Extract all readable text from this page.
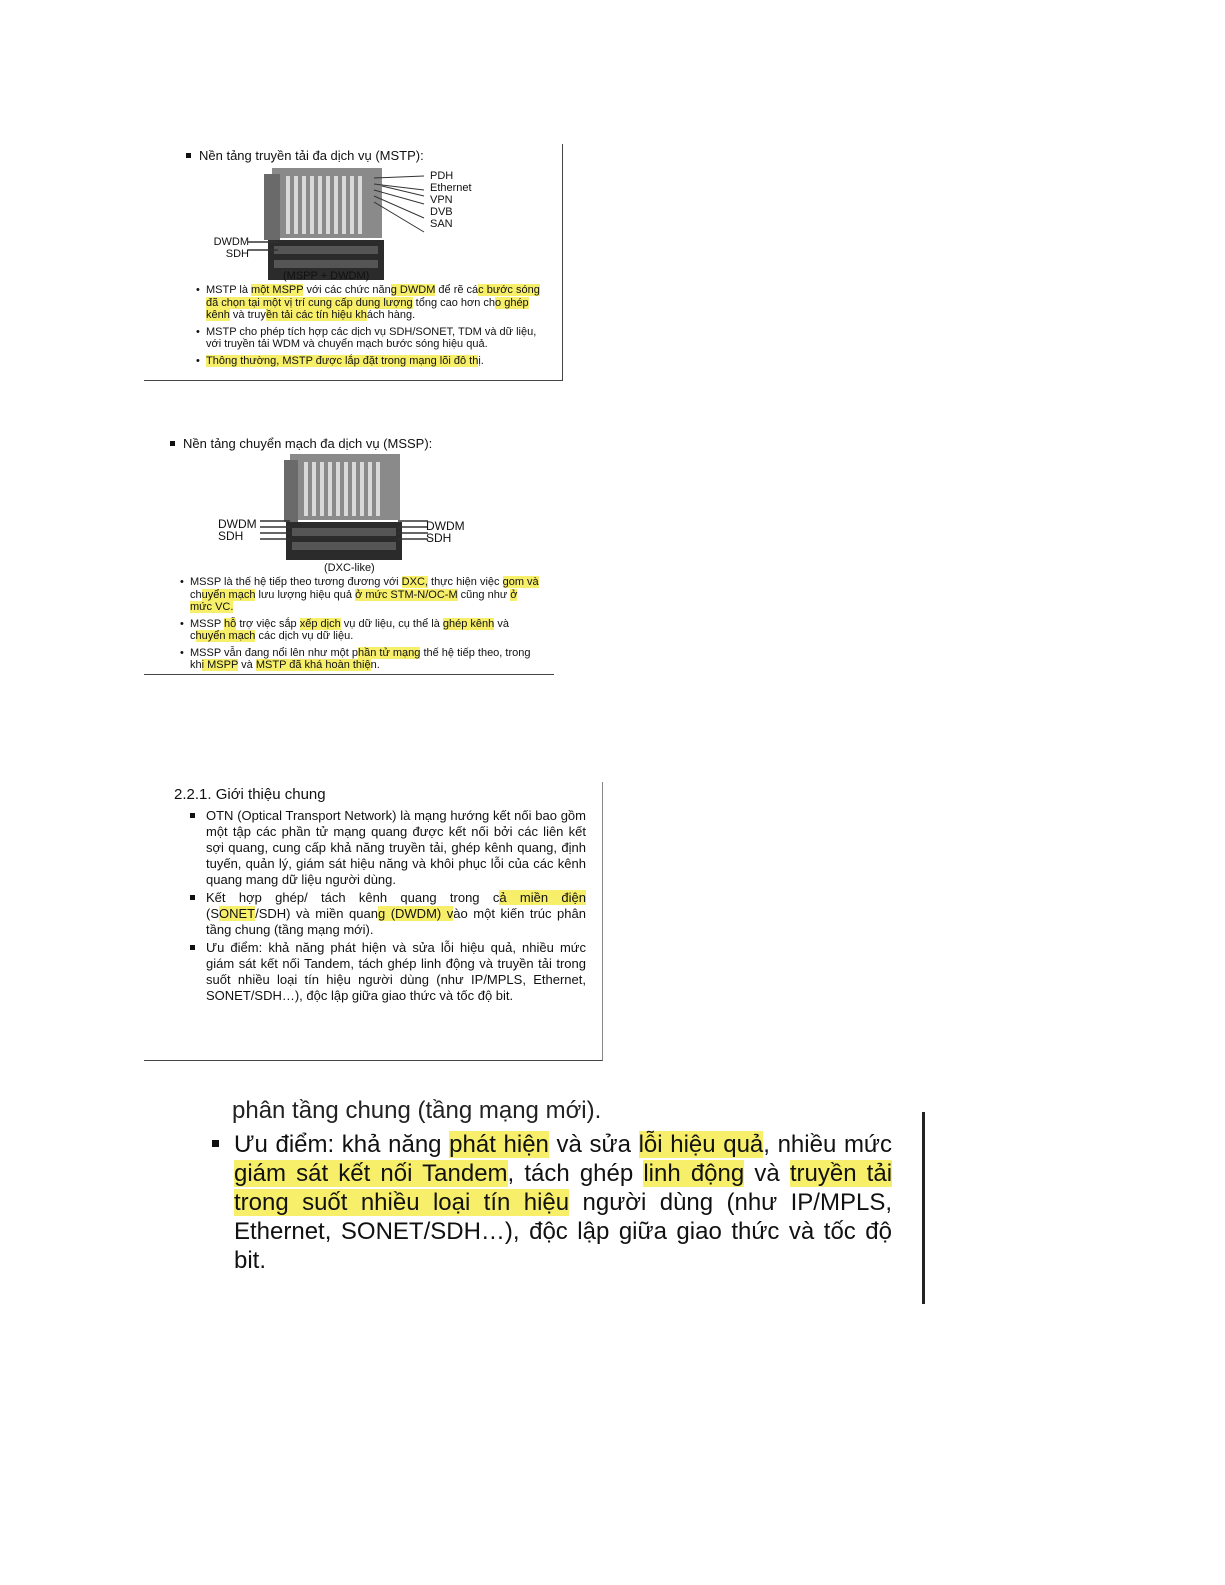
Nền tảng truyền tải đa dịch vụ (MSTP):
PDH
Ethernet
VPN
DVB
SAN
DWDM
SDH
(MSPP + DWDM)
• MSTP là một MSPP với các chức năng DWDM để rẽ các bước sóng đã chọn tại một vị trí cung cấp dung lượng tổng cao hơn cho ghép kênh và truyền tải các tín hiệu khách hàng.
• MSTP cho phép tích hợp các dịch vụ SDH/SONET, TDM và dữ liệu, với truyền tải WDM và chuyển mạch bước sóng hiệu quả.
• Thông thường, MSTP được lắp đặt trong mạng lõi đô thị.
Nền tảng chuyển mạch đa dịch vụ (MSSP):
DWDM
SDH
DWDM
SDH
(DXC-like)
• MSSP là thế hệ tiếp theo tương đương với DXC, thực hiện việc gom và chuyển mạch lưu lượng hiệu quả ở mức STM-N/OC-M cũng như ở mức VC.
• MSSP hỗ trợ việc sắp xếp dịch vụ dữ liệu, cụ thể là ghép kênh và chuyển mạch các dịch vụ dữ liệu.
• MSSP vẫn đang nổi lên như một phần tử mạng thế hệ tiếp theo, trong khi MSPP và MSTP đã khá hoàn thiện.
2.2.1. Giới thiệu chung
OTN (Optical Transport Network) là mạng hướng kết nối bao gồm một tập các phần tử mạng quang được kết nối bởi các liên kết sợi quang, cung cấp khả năng truyền tải, ghép kênh quang, định tuyến, quản lý, giám sát hiệu năng và khôi phục lỗi của các kênh quang mang dữ liệu người dùng.
Kết hợp ghép/ tách kênh quang trong cả miền điện (SONET/SDH) và miền quang (DWDM) vào một kiến trúc phân tầng chung (tầng mạng mới).
Ưu điểm: khả năng phát hiện và sửa lỗi hiệu quả, nhiều mức giám sát kết nối Tandem, tách ghép linh động và truyền tải trong suốt nhiều loại tín hiệu người dùng (như IP/MPLS, Ethernet, SONET/SDH…), độc lập giữa giao thức và tốc độ bit.
phân tầng chung (tầng mạng mới).
Ưu điểm: khả năng phát hiện và sửa lỗi hiệu quả, nhiều mức giám sát kết nối Tandem, tách ghép linh động và truyền tải trong suốt nhiều loại tín hiệu người dùng (như IP/MPLS, Ethernet, SONET/SDH…), độc lập giữa giao thức và tốc độ bit.
